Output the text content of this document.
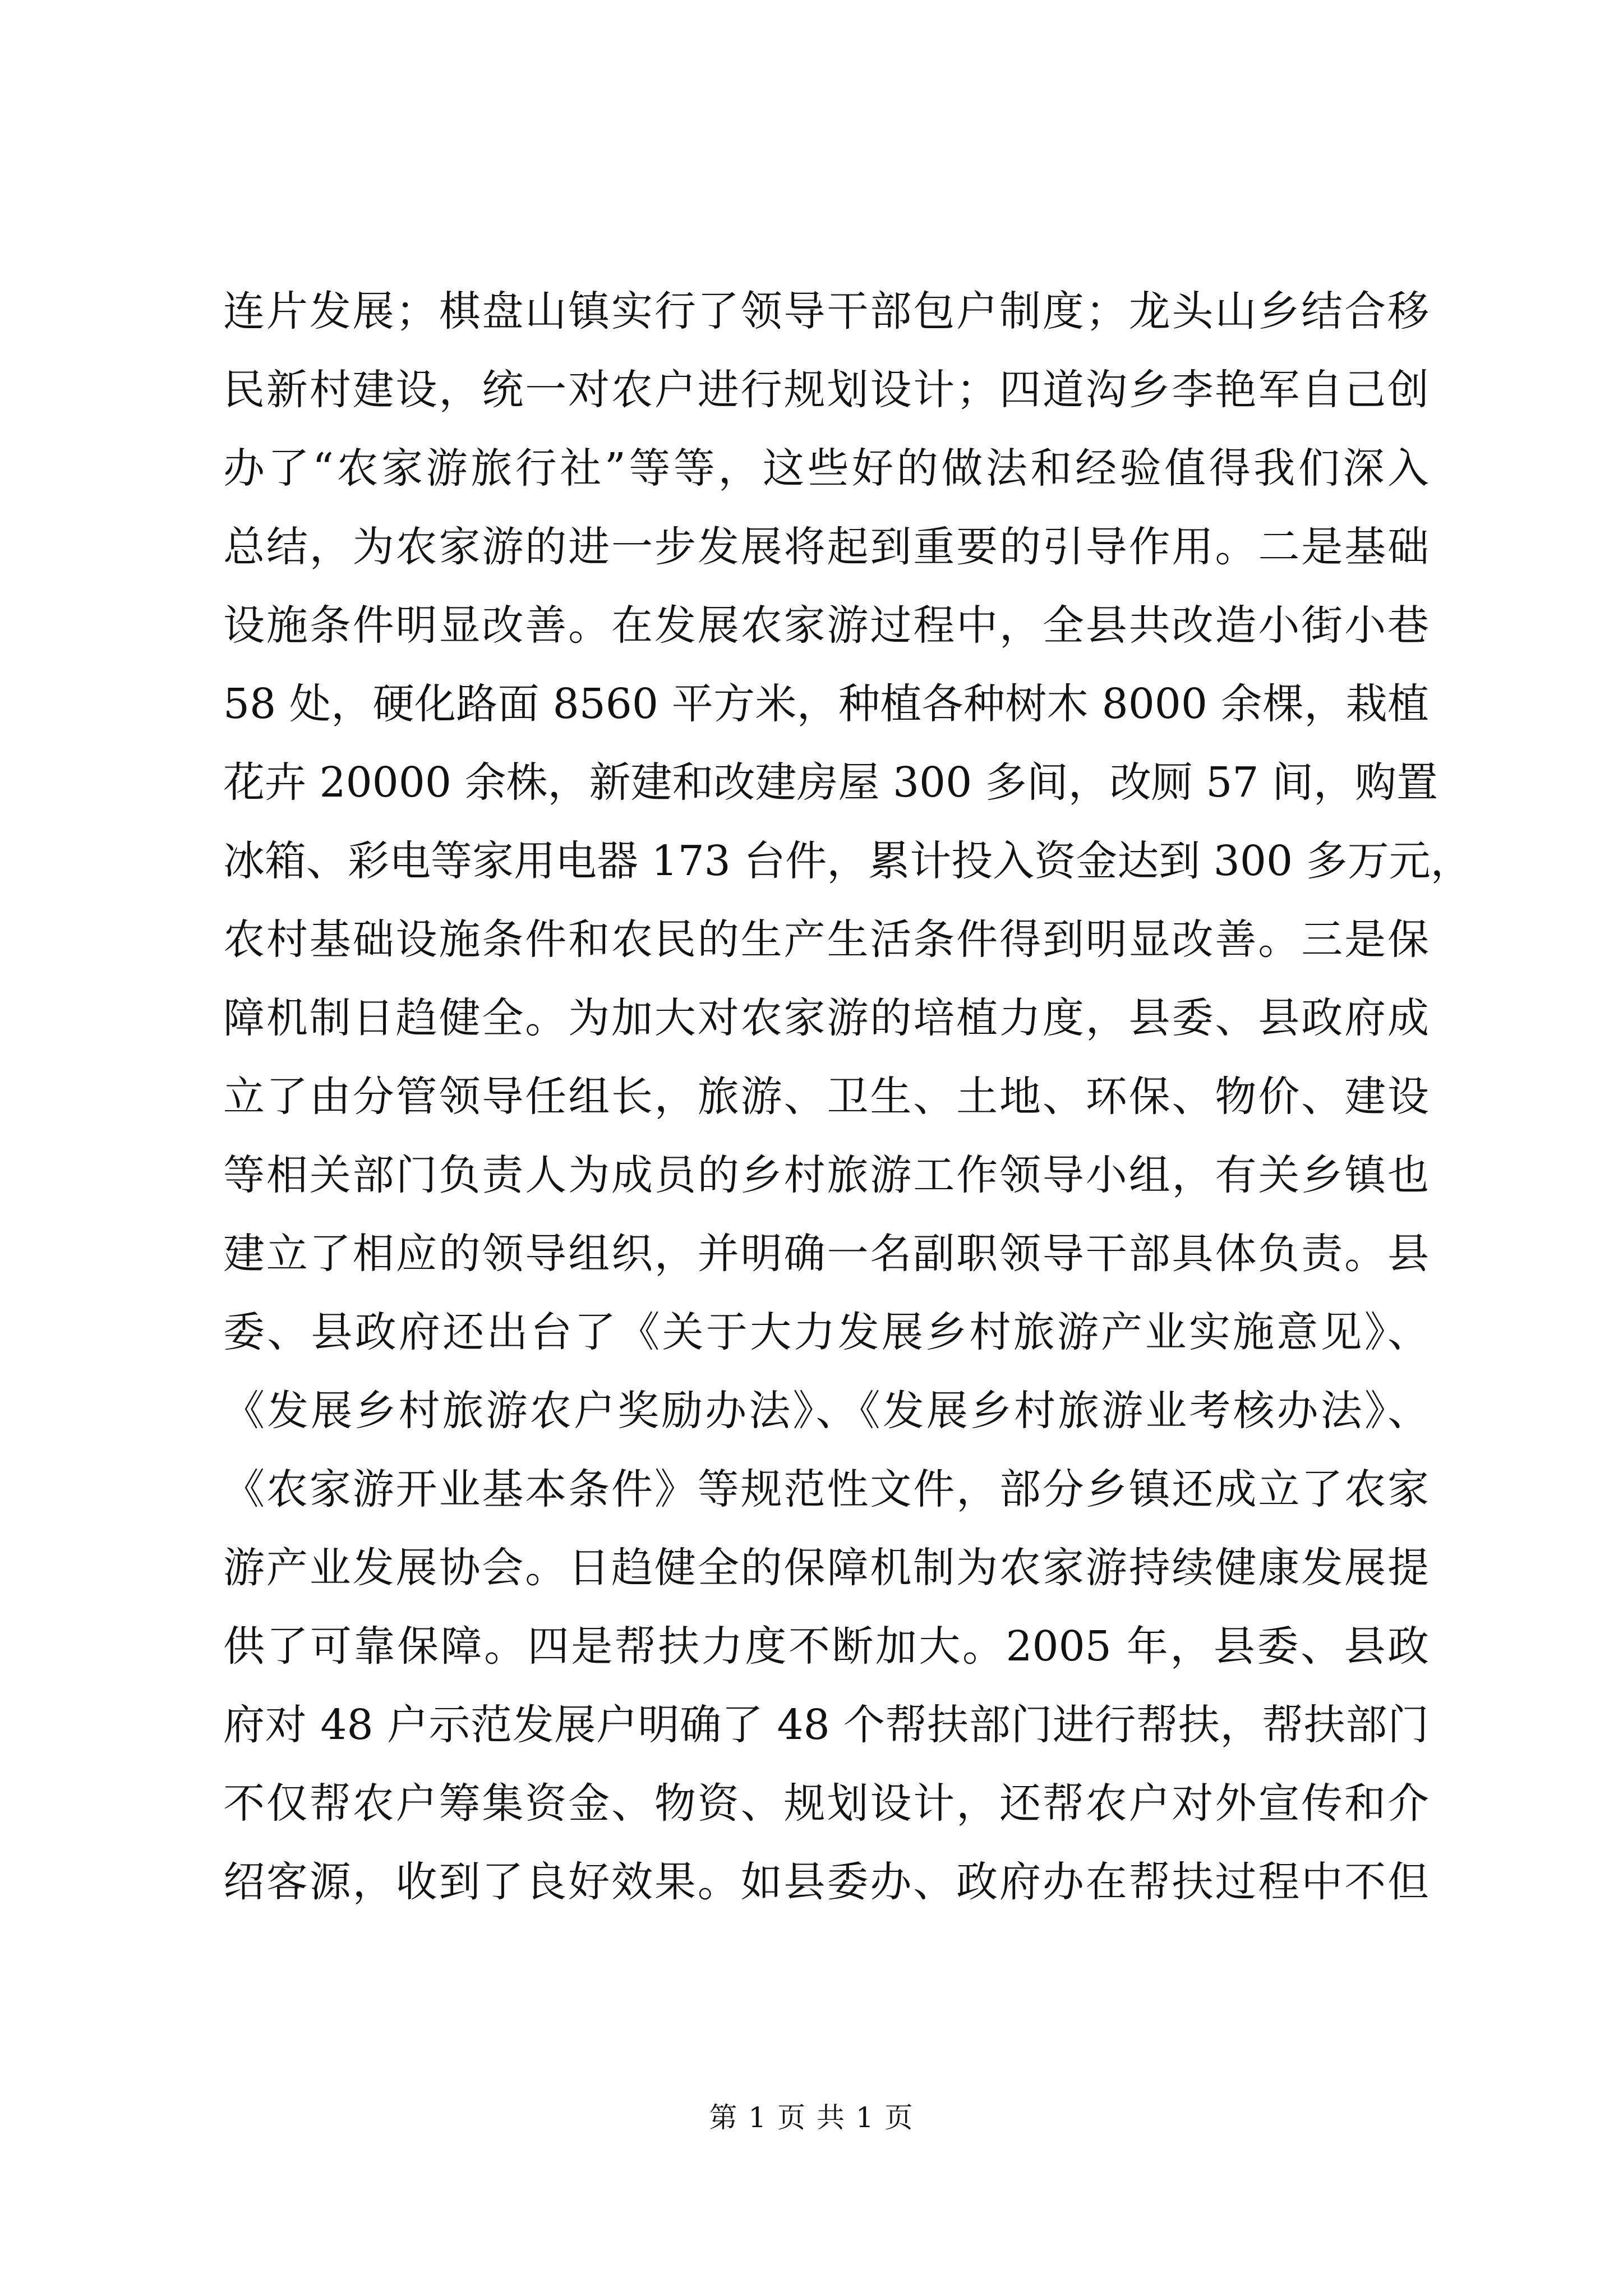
连片发展；棋盘山镇实行了领导干部包户制度；龙头山乡结合移
民新村建设，统一对农户进行规划设计；四道沟乡李艳军自己创
办了“农家游旅行社”等等，这些好的做法和经验值得我们深入
总结，为农家游的进一步发展将起到重要的引导作用。二是基础
设施条件明显改善。在发展农家游过程中，全县共改造小街小巷
58 处，硬化路面 8560 平方米，种植各种树木 8000 余棵，栽植
花卉 20000 余株，新建和改建房屋 300 多间，改厕 57 间，购置
冰箱、彩电等家用电器 173 台件，累计投入资金达到 300 多万元，
农村基础设施条件和农民的生产生活条件得到明显改善。三是保
障机制日趋健全。为加大对农家游的培植力度，县委、县政府成
立了由分管领导任组长，旅游、卫生、土地、环保、物价、建设
等相关部门负责人为成员的乡村旅游工作领导小组，有关乡镇也
建立了相应的领导组织，并明确一名副职领导干部具体负责。县
委、县政府还出台了《关于大力发展乡村旅游产业实施意见》、
《发展乡村旅游农户奖励办法》、《发展乡村旅游业考核办法》、
《农家游开业基本条件》等规范性文件，部分乡镇还成立了农家
游产业发展协会。日趋健全的保障机制为农家游持续健康发展提
供了可靠保障。四是帮扶力度不断加大。2005 年，县委、县政
府对 48 户示范发展户明确了 48 个帮扶部门进行帮扶，帮扶部门
不仅帮农户筹集资金、物资、规划设计，还帮农户对外宣传和介
绍客源，收到了良好效果。如县委办、政府办在帮扶过程中不但
第 1 页 共 1 页
